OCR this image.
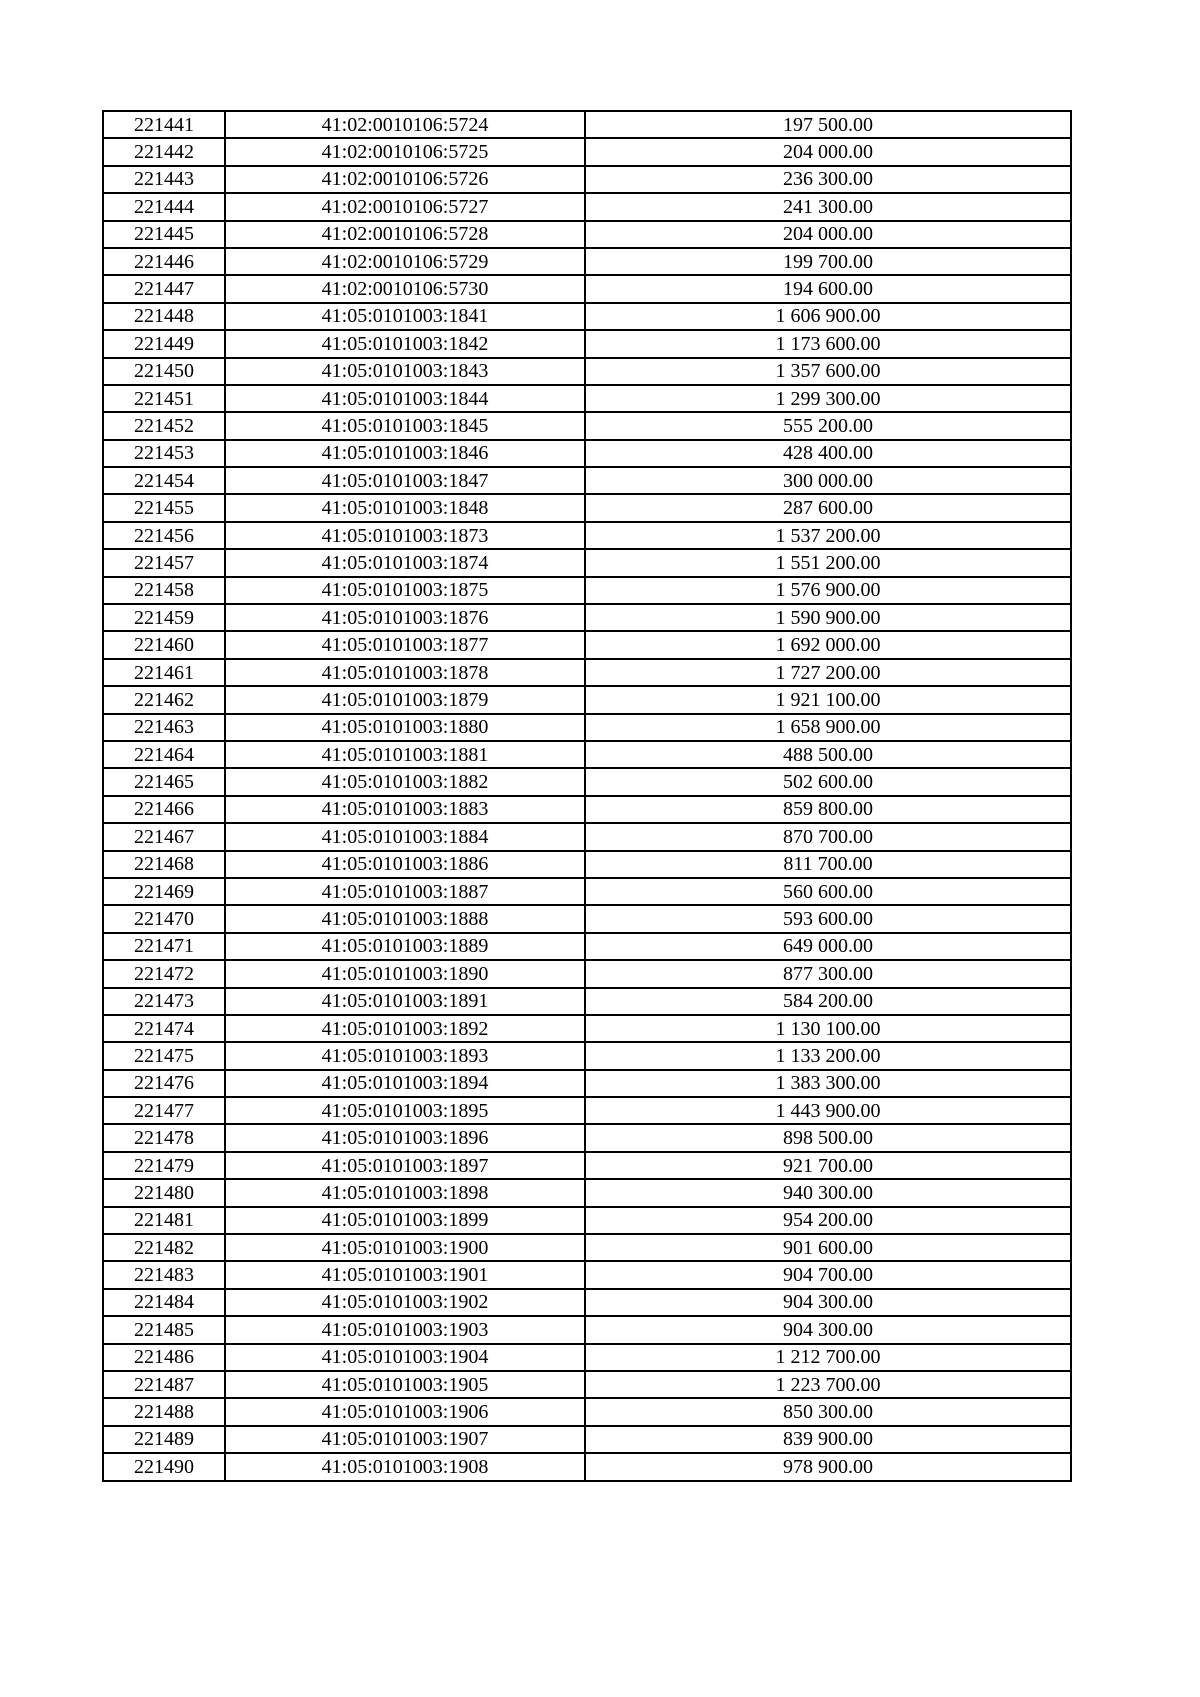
221441	41:02:0010106:5724	197 500.00
221442	41:02:0010106:5725	204 000.00
221443	41:02:0010106:5726	236 300.00
221444	41:02:0010106:5727	241 300.00
221445	41:02:0010106:5728	204 000.00
221446	41:02:0010106:5729	199 700.00
221447	41:02:0010106:5730	194 600.00
221448	41:05:0101003:1841	1 606 900.00
221449	41:05:0101003:1842	1 173 600.00
221450	41:05:0101003:1843	1 357 600.00
221451	41:05:0101003:1844	1 299 300.00
221452	41:05:0101003:1845	555 200.00
221453	41:05:0101003:1846	428 400.00
221454	41:05:0101003:1847	300 000.00
221455	41:05:0101003:1848	287 600.00
221456	41:05:0101003:1873	1 537 200.00
221457	41:05:0101003:1874	1 551 200.00
221458	41:05:0101003:1875	1 576 900.00
221459	41:05:0101003:1876	1 590 900.00
221460	41:05:0101003:1877	1 692 000.00
221461	41:05:0101003:1878	1 727 200.00
221462	41:05:0101003:1879	1 921 100.00
221463	41:05:0101003:1880	1 658 900.00
221464	41:05:0101003:1881	488 500.00
221465	41:05:0101003:1882	502 600.00
221466	41:05:0101003:1883	859 800.00
221467	41:05:0101003:1884	870 700.00
221468	41:05:0101003:1886	811 700.00
221469	41:05:0101003:1887	560 600.00
221470	41:05:0101003:1888	593 600.00
221471	41:05:0101003:1889	649 000.00
221472	41:05:0101003:1890	877 300.00
221473	41:05:0101003:1891	584 200.00
221474	41:05:0101003:1892	1 130 100.00
221475	41:05:0101003:1893	1 133 200.00
221476	41:05:0101003:1894	1 383 300.00
221477	41:05:0101003:1895	1 443 900.00
221478	41:05:0101003:1896	898 500.00
221479	41:05:0101003:1897	921 700.00
221480	41:05:0101003:1898	940 300.00
221481	41:05:0101003:1899	954 200.00
221482	41:05:0101003:1900	901 600.00
221483	41:05:0101003:1901	904 700.00
221484	41:05:0101003:1902	904 300.00
221485	41:05:0101003:1903	904 300.00
221486	41:05:0101003:1904	1 212 700.00
221487	41:05:0101003:1905	1 223 700.00
221488	41:05:0101003:1906	850 300.00
221489	41:05:0101003:1907	839 900.00
221490	41:05:0101003:1908	978 900.00
